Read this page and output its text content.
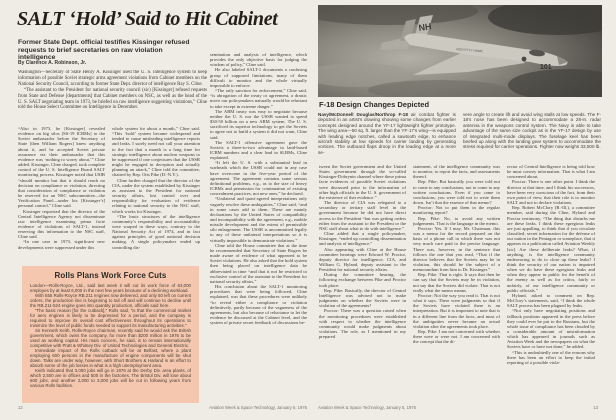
SALT ‘Hold’ Said to Hit Cabinet
Former State Dept. official testifies Kissinger refused requests to brief secretaries on raw violation intelligence
By Clarence A. Robinson, Jr.

Washington—Secretary of State Henry A. Kissinger used the U. S. intelligence system to keep information of possible Soviet strategic arms agreement violations from Cabinet members on the National Security Council, according to former State Dept. director of intelligence Ray S. Cline.

“The assistant to the President for national security council (sic) [Kissinger] refused requests from State and Defense [departments] that Cabinet members on NSC, as well as the head of the U. S. SALT negotiating team in 1973, be briefed on raw intelligence suggesting violations,” Cline told the House Select Committee on Intelligence in December.

“Also in 1973, he [Kissinger] revealed evidence on big silos [SS-19 ICBMs] to the Soviet ambassador before the Secretary of State [then William Rogers] knew anything about it, and he accepted Soviet private assurance via their ambassador that this evidence was ‘nothing to worry about,’” Cline added. Kissinger, Cline charged, took complete control of the U. S. Intelligence Board SALT monitoring process. Kissinger noted that USIB “should monitor but that it should reach no decision on compliance or violation, directing that consideration of compliance or violation be reserved for an NSC subcommittee—the Verification Panel—under his [Kissinger’s] personal control,” Cline said.

Kissinger requested that the director of the Central Intelligence Agency not disseminate raw intelligence examining prima facie evidence of violations of SALT-1, instead reserving this information to the NSC staff, Cline said.

“In one case in 1973, significant new developments were suppressed under this

whole system for about a month,” Cline said. “This ‘hold’ system became widespread and tended to cause misleading intelligence reports and leaks. I surely need not call your attention to the fact that a month is a long time for strategic intelligence about nuclear weapons to be suppressed if one conjectures that the USSR might be engaged in deception and actually planning an attack,” Cline told the committee, chaired by Rep. Otis Pike (D.-N.Y.).

Cline further charged that the director of the CIA, under the system established by Kissinger as assistant to the President for national security affairs, lost control over and responsibility for evaluation of evidence relating to national security to the NSC staff, which works for Kissinger.

“The basic structures of the intelligence community’s responsibility and accountability were warped in these ways, contrary to the National Security Act of 1974, and in fact against principles of good national decision making. A single policymaker ended up controlling dis-

semination and analysis of intelligence, which provides the only objective basis for judging the wisdom of policy,” Cline said.

He also labeled SALT-1 documents a confusing group of supposed limitations, many of them difficult to monitor and the whole virtually impossible to enforce.

“The only sanction for enforcement,” Cline said, “is abrogation of the treaty or agreement, a drastic move our policymakers naturally would be reluctant to take except in extreme danger.”

The ABM treaty was easy to negotiate because neither the U. S. nor the USSR wanted to spend $30-50 billion on a new ABM system. The U. S. sacrificed its superior technology to get the Soviets to agree not to build a system it did not want, Cline said.

The SALT-1 offensive agreement gave the Soviets a three-to-two advantage in land-based ICBM numbers and a clear lead in SLBMs, Cline explained.

“It left the U. S. with a substantial lead in warheads which the USSR could not in any case have overcome in the five-year period of the agreement. The agreement contains some serious definitional problems, e.g., as to the size of heavy ICBMs and permission for continuation of existing concealment practices, not new ones,” he declared.

“Unilateral and quasi-agreed interpretations only vaguely resolve these ambiguities,” Cline said, “and in some cases add to them. These are mainly declarations by the United States of compatibility and incompatibility with the agreement, e.g., mobile missile development and the extent of permissible silo enlargement. The USSR is uncommitted legally to any of these unilateral interpretations so it is virtually impossible to demonstrate violations.”

Cline told the House committee that at the time he recommended that Secretary of State Rogers be made aware of evidence of what appeared to be Soviet violations. He also asked that the hold system then being placed on intelligence data be abbreviated in time “and that it not be restricted to exclusive control of the assistant to the President for national security affairs.”

His conclusion about the SALT-1 monitoring procedures that were being followed, Cline explained, was that these procedures were unlikely “to reveal either a compliance or violation definitively, partly because of the vagueness of the agreements, but also because of reluctance to let the evidence be discussed at the Cabinet level, and the system of private secret feedback of discussions be-

Rolls Plans Work Force Cuts

London—Rolls-Royce, Ltd., said last week it will cut its work force of 63,000 employes by at least 6,000 in the next few years because of a declining workload.

With 555 Rolls-Royce RB.211 engines now delivered, and only 50 left on current orders, the production line is beginning to tail off and will continue to decline until the RB.211-524 engine goes into quantity production, officials said here.

“The basic reason [for the cutback],” Rolls said, “is that the commercial market for aero engines is likely to be depressed for a period, and the company is required to improve its overall cost effectiveness throughout its operations to minimize the level of public funds needed to support its manufacturing activities.”

Sir Kenneth Keith, Rolls-Royce chairman, recently said he would ask the British government, which owns the company, for more than $200 million in 1976 to be used as working capital. His main concern, he said, is to remain internationally competitive with Pratt & Whitney Div. of United Technologies and General Electric.

Immediate impact of the Rolls cutback will be at Belfast, where a plant employing 600 persons in the manufacture of engine components will be shut down. Talks are under way, however, with Short Brothers & Harland in an effort to absorb some of the job losses in what is a high unemployment area.

Keith indicated that 3,000 jobs will go in 1976 at the Derby Div. area plants, of which 2,500 are in offices and 500 in the factories. The Bristol Div. will lose about 600 jobs, and another 2,000 to 3,000 jobs will be cut in following years from various Rolls facilities.

12	Aviation Week & Space Technology, January 5, 1976
NH
USS KITTY HAWK
101
F-18 Design Changes Depicted
Navy/McDonnell Douglas/Northrop F-18 air combat fighter is depicted in an artist’s drawing showing some changes from earlier concepts designed around the YF-17 lightweight fighter prototype. The wing area—50 sq. ft. larger than the YF-17’s wing—is equipped with leading edge notches, called a sawtooth edge, to enhance aircraft stability at low speeds for carrier landing by generating vortices. The outboard flaps droop in the leading edge at a more se-
vere angle to create lift and avoid wing stalls at low speeds. The F-18’s nose has been designed to accommodate a 28-in. radar antenna in the weapons control system. The Navy is able to take advantage of the same size cockpit as in the YF-17 design by use of integrated multi-mode displays. The fuselage keel has been beefed up along with the landing gear system to accommodate the stress required for carrier operations. Fighter now weighs 33,500 lb.

tween the Soviet government and the United States government through the so-called Kissinger-Dobrynin channel where these prima facie evidences of possible Soviet violations were discussed prior to the information of other high officials in the U. S. government of the existence of that evidence.”

The director of CIA was relegated to a secondary or tertiary staff level in the government because he did not have direct access to the President “but was getting orders either from the assistant to the President or the NSC staff about what to do with intelligence.”

Cline added that a single policymaker, Kissinger, “ended up controlling dissemination and analysis of intelligence.”

Also appearing with Cline at the House committee hearings were Edward W. Proctor, deputy director for intelligence, CIA, and William G. Hyland, deputy assistant to the President for national security affairs.

During the committee hearing, the following exchange between Pike and Proctor took place:

Rep. Pike: Basically, the director of Central Intelligence was advised not to make judgments on whether the Soviets were in violation of the agreements?

Proctor: There was a question raised when the monitoring procedures were established with respect to whether the intelligence community would make judgments about violations. The role, as I mentioned in my prepared

statement, of the intelligence community was to monitor, to report the facts, and assessments thereof.

Rep. Pike: But basically you were told not to come to any conclusions; not to come to any written conclusions. Even if you came to conclusions, you were told not to write them down. Isn’t that the essence of that memo?

Proctor: Not to put them in the regular monitoring report?

Rep. Pike: No, to avoid any written judgements. That is the language in the memo.

Proctor: Yes. If I may, Mr. Chairman, this was a memo for the record prepared on the basis of a phone call in which there was not very much care paid to the precise language. There was, however, in the sentence that follows the one that you read, “That if the director believes that the Soviets may be in violation, this should be the subject of a memorandum from him to Dr. Kissinger.”

Rep. Pike: That is right. It says that then he can say that the Soviets may be in violation, not say that the Soviets did violate. That is not really what the memo means.

Proctor: Not the way you read it. That is not what it says. There were judgments so that if the Soviets have violated there is an interpretation. But it is important to note that is in a different line from the facts, and most of the ambiguities never became an actual violation after the agreements took place.

Rep. Pike: I am not concerned with whether there were or were not. I am concerned with the concept that the di-

rector of Central Intelligence is being told how he must convey information. That is what I am concerned about.

Proctor: There is one other point. I think the director at that time, and I think his successors, have been very conscious of the fact, from their own point of view, that their role is to monitor SALT and not to declare violations.

Rep. Robert McClory (R.-Ill.), a committee member, said during the Cline, Hyland and Proctor testimony, “The thing that disturbs me are these leaks. I think these egregious leaks are just appalling, to think that if you circulate classified, secret information for the defense of our nation in the Pentagon or someplace, that it appears in a publication called Aviation Weekly [sic]. Are these deliberate leaks? What, if anything, is the intelligence community endeavoring to do to close up these leaks? I think the security of our nation is impaired when we do have these egregious leaks and when they appear in public for the benefit of the enemy as well as for critics, fairly or unfairly, of our intelligence community or public officials.”

Hyland, asked to comment on Rep. McClory’s statements, said, “I think the whole SALT process has been plagued by leaks.

“Not only have negotiating positions and fallback positions appeared in the press before they could ever be put to the Russians, but the whole issue of compliance has been clouded by a considerable amount of misinformation which has appeared in journals such as Aviation Week and the newspapers on what the Soviets have or have not done,” he added.

“This is undoubtedly one of the reasons why there has been an effort to keep the initial reporting of a possible viola-

Aviation Week & Space Technology, January 5, 1976	13
